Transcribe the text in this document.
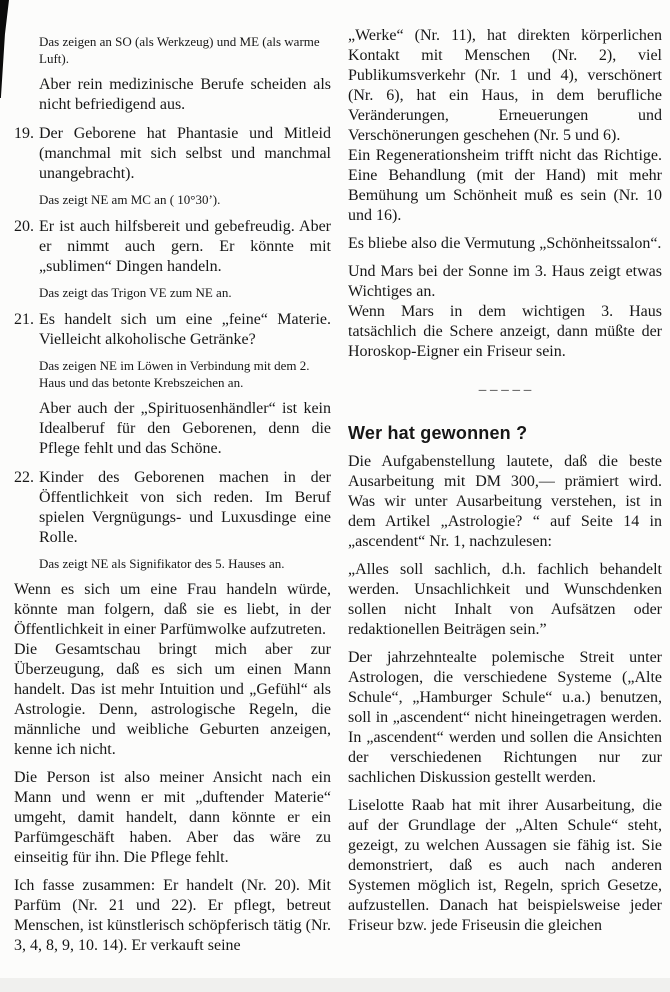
Das zeigen an SO (als Werkzeug) und ME (als warme Luft).
Aber rein medizinische Berufe scheiden als nicht befriedigend aus.
19. Der Geborene hat Phantasie und Mitleid (manchmal mit sich selbst und manchmal unangebracht).
Das zeigt NE am MC an ( 10°30’).
20. Er ist auch hilfsbereit und gebefreudig. Aber er nimmt auch gern. Er könnte mit „sublimen“ Dingen handeln.
Das zeigt das Trigon VE zum NE an.
21. Es handelt sich um eine „feine“ Materie. Vielleicht alkoholische Getränke?
Das zeigen NE im Löwen in Verbindung mit dem 2. Haus und das betonte Krebszeichen an.
Aber auch der „Spirituosenhändler“ ist kein Idealberuf für den Geborenen, denn die Pflege fehlt und das Schöne.
22. Kinder des Geborenen machen in der Öffentlichkeit von sich reden. Im Beruf spielen Vergnügungs- und Luxusdinge eine Rolle.
Das zeigt NE als Signifikator des 5. Hauses an.
Wenn es sich um eine Frau handeln würde, könnte man folgern, daß sie es liebt, in der Öffentlichkeit in einer Parfümwolke aufzutreten.
Die Gesamtschau bringt mich aber zur Überzeugung, daß es sich um einen Mann handelt. Das ist mehr Intuition und „Gefühl“ als Astrologie. Denn, astrologische Regeln, die männliche und weibliche Geburten anzeigen, kenne ich nicht.
Die Person ist also meiner Ansicht nach ein Mann und wenn er mit „duftender Materie“ umgeht, damit handelt, dann könnte er ein Parfümgeschäft haben. Aber das wäre zu einseitig für ihn. Die Pflege fehlt.
Ich fasse zusammen: Er handelt (Nr. 20). Mit Parfüm (Nr. 21 und 22). Er pflegt, betreut Menschen, ist künstlerisch schöpferisch tätig (Nr. 3, 4, 8, 9, 10. 14). Er verkauft seine
„Werke“ (Nr. 11), hat direkten körperlichen Kontakt mit Menschen (Nr. 2), viel Publikumsverkehr (Nr. 1 und 4), verschönert (Nr. 6), hat ein Haus, in dem berufliche Veränderungen, Erneuerungen und Verschönerungen geschehen (Nr. 5 und 6).
Ein Regenerationsheim trifft nicht das Richtige. Eine Behandlung (mit der Hand) mit mehr Bemühung um Schönheit muß es sein (Nr. 10 und 16).
Es bliebe also die Vermutung „Schönheitssalon“.
Und Mars bei der Sonne im 3. Haus zeigt etwas Wichtiges an.
Wenn Mars in dem wichtigen 3. Haus tatsächlich die Schere anzeigt, dann müßte der Horoskop-Eigner ein Friseur sein.
– – – – –
Wer hat gewonnen ?
Die Aufgabenstellung lautete, daß die beste Ausarbeitung mit DM 300,— prämiert wird. Was wir unter Ausarbeitung verstehen, ist in dem Artikel „Astrologie? “ auf Seite 14 in „ascendent“ Nr. 1, nachzulesen:
„Alles soll sachlich, d.h. fachlich behandelt werden. Unsachlichkeit und Wunschdenken sollen nicht Inhalt von Aufsätzen oder redaktionellen Beiträgen sein.”
Der jahrzehntealte polemische Streit unter Astrologen, die verschiedene Systeme („Alte Schule“, „Hamburger Schule“ u.a.) benutzen, soll in „ascendent“ nicht hineingetragen werden. In „ascendent“ werden und sollen die Ansichten der verschiedenen Richtungen nur zur sachlichen Diskussion gestellt werden.
Liselotte Raab hat mit ihrer Ausarbeitung, die auf der Grundlage der „Alten Schule“ steht, gezeigt, zu welchen Aussagen sie fähig ist. Sie demonstriert, daß es auch nach anderen Systemen möglich ist, Regeln, sprich Gesetze, aufzustellen. Danach hat beispielsweise jeder Friseur bzw. jede Friseusin die gleichen
